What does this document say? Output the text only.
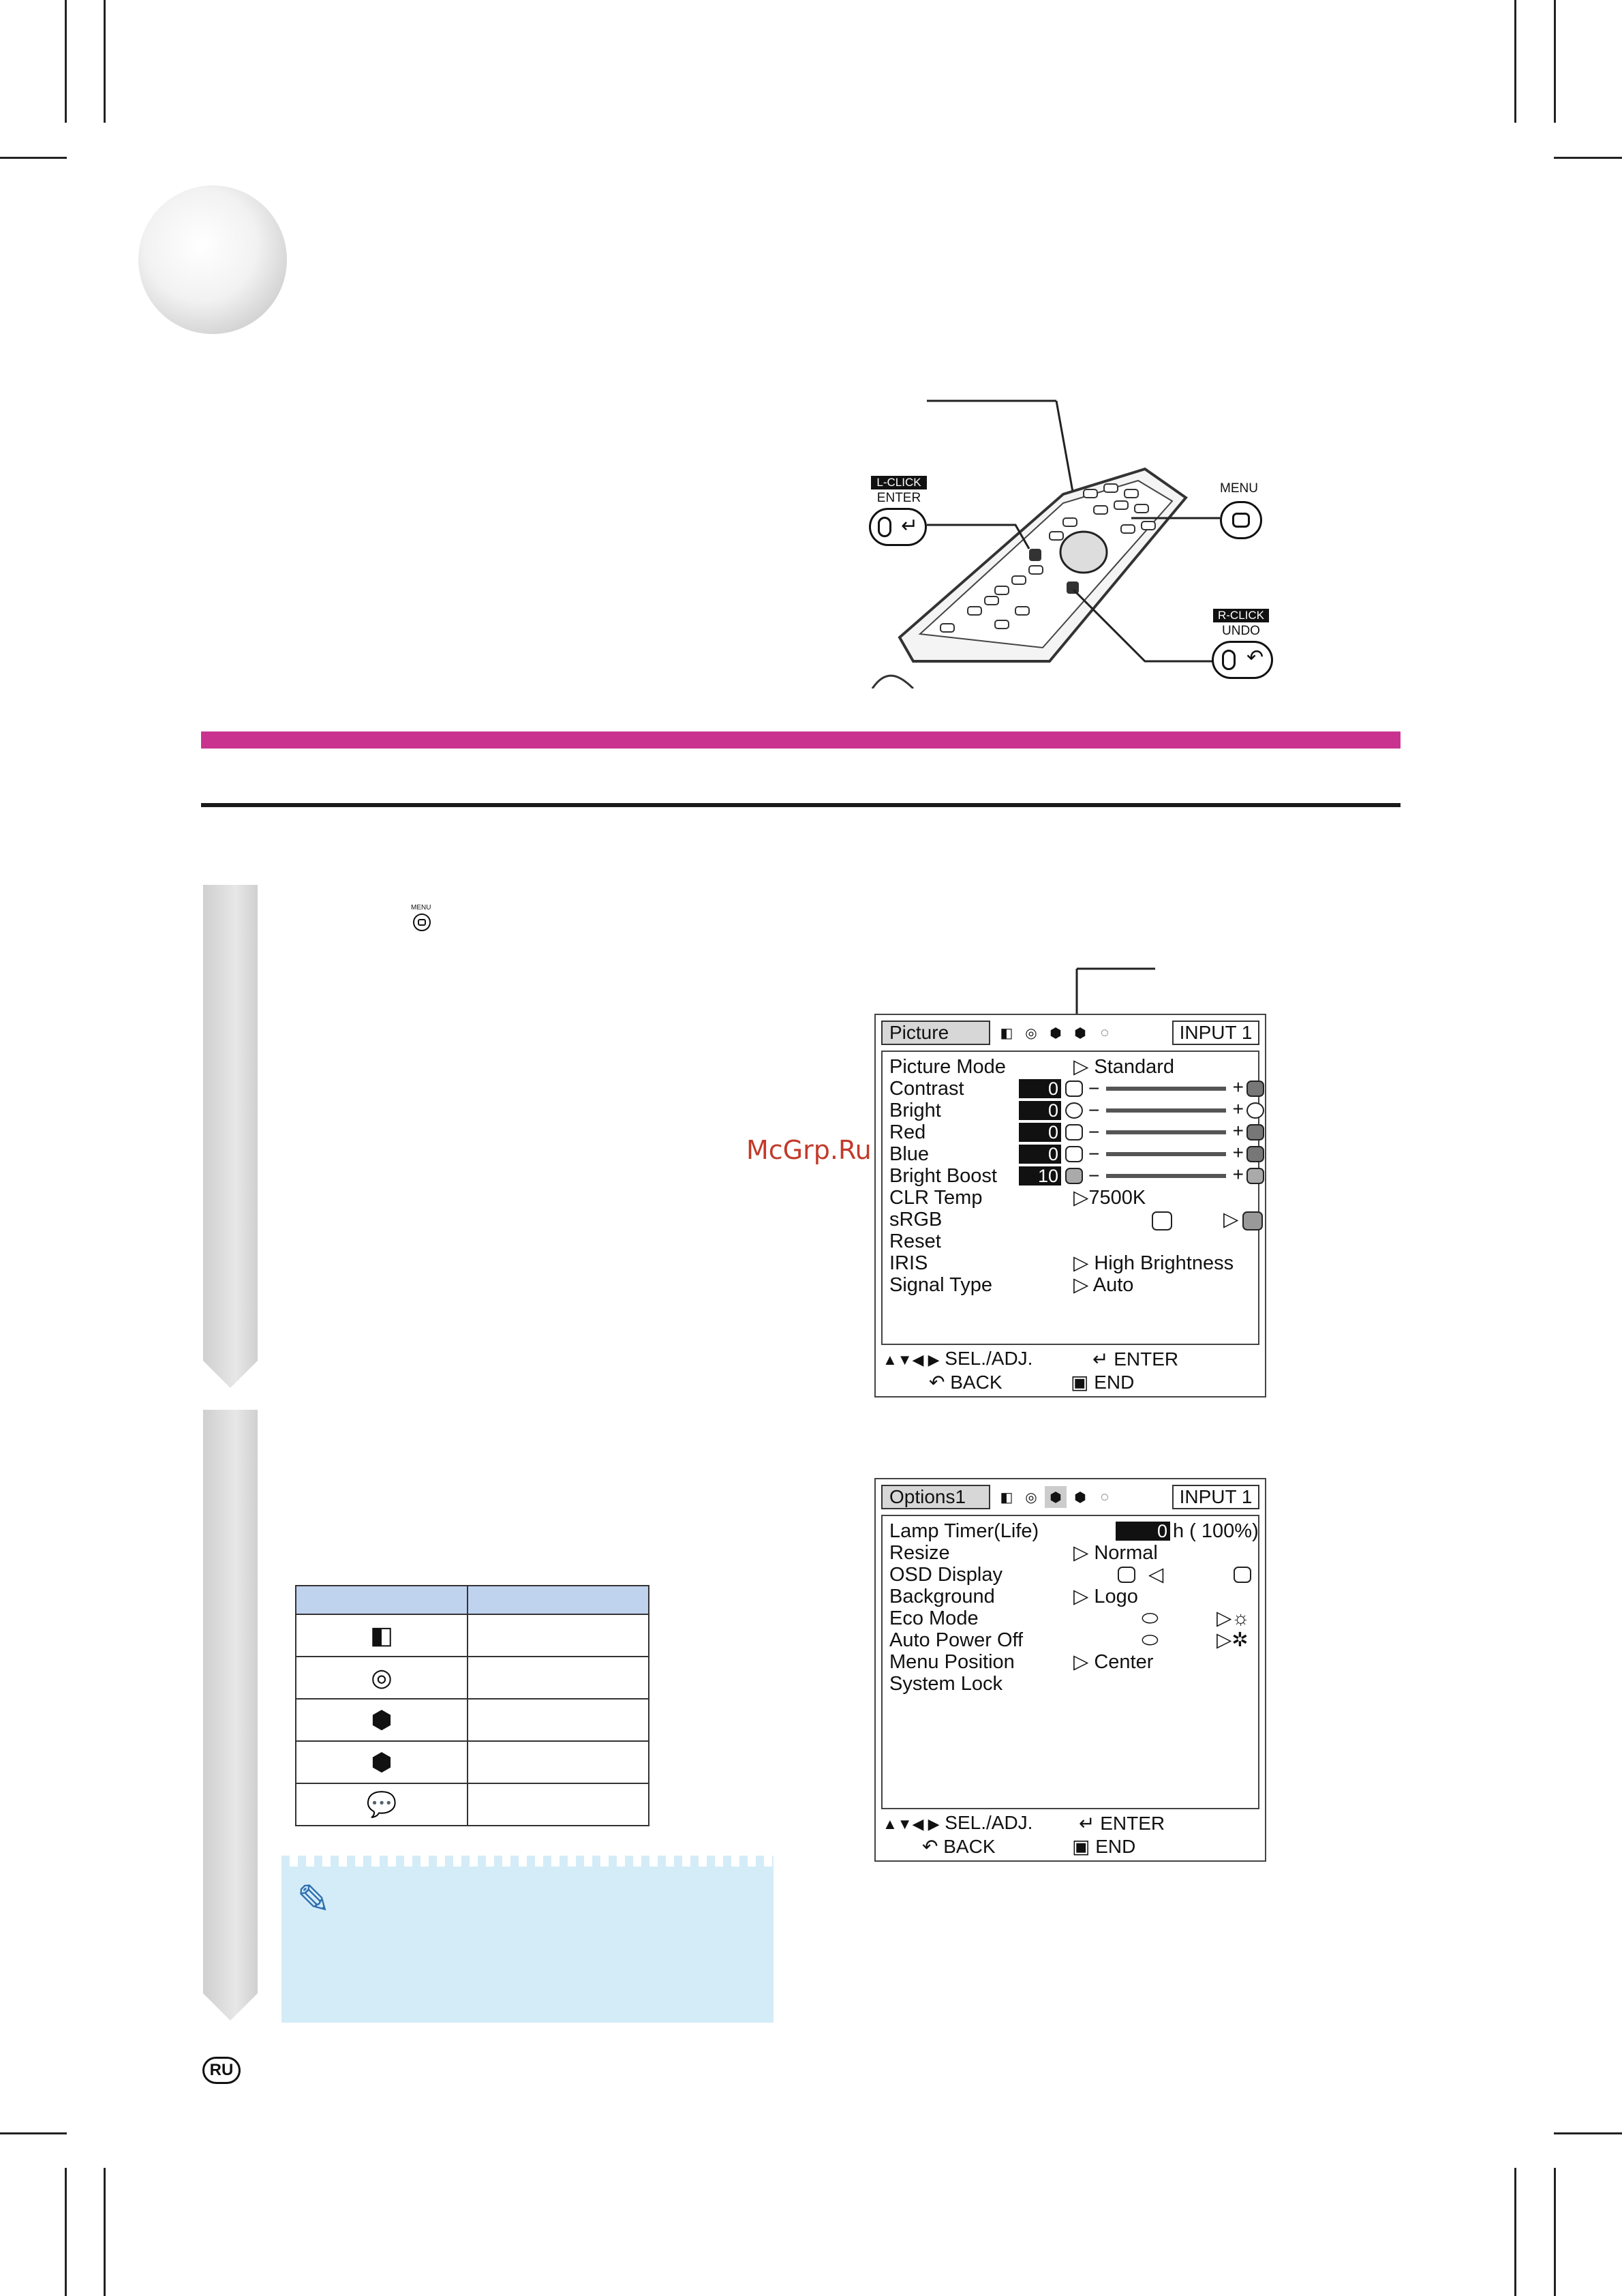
L-CLICK
ENTER
↵
MENU
R-CLICK
UNDO
↶
MENU
McGrp.Ru
Picture	◧ ◎ ⬢ ⬢	◌	INPUT 1
Picture Mode	▷ Standard
Contrast	0 −	+
Bright	0 −	+
Red	0 −	+
Blue	0 −	+
Bright Boost	10 −	+
CLR Temp	▷7500K
sRGB	▷
Reset
IRIS	▷ High Brightness
Signal Type	▷ Auto
▲▼◀ ▶ SEL./ADJ.	↵ ENTER
↶ BACK	▣ END
Options1	◧ ◎ ⬢ ⬢	◌	INPUT 1
Lamp Timer(Life)	0 h ( 100%)
Resize	▷ Normal
OSD Display	◁
Background	▷ Logo
Eco Mode	⬭	▷☼
Auto Power Off	⬭	▷✲
Menu Position	▷ Center
System Lock
▲▼◀ ▶ SEL./ADJ. ↵ ENTER
↶ BACK	▣ END

◧	
◎	
⬢	
⬢	
💬	
✎
RU
